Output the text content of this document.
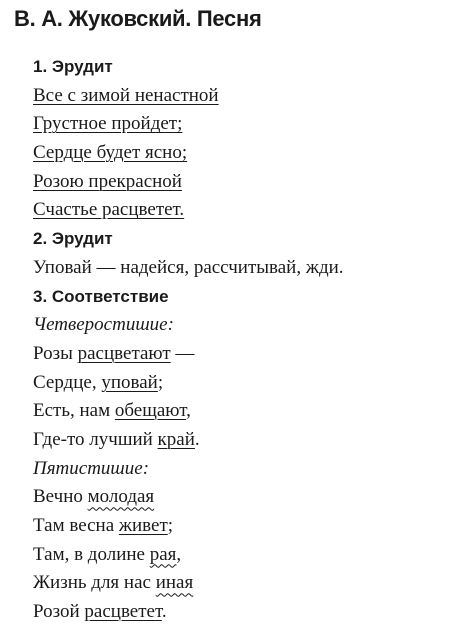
В. А. Жуковский. Песня
1. Эрудит
Все с зимой ненастной
Грустное пройдет;
Сердце будет ясно;
Розою прекрасной
Счастье расцветет.
2. Эрудит
Уповай — надейся, рассчитывай, жди.
3. Соответствие
Четверостишие:
Розы расцветают —
Сердце, уповай;
Есть, нам обещают,
Где-то лучший край.
Пятистишие:
Вечно молодая
Там весна живет;
Там, в долине рая,
Жизнь для нас иная
Розой расцветет.
